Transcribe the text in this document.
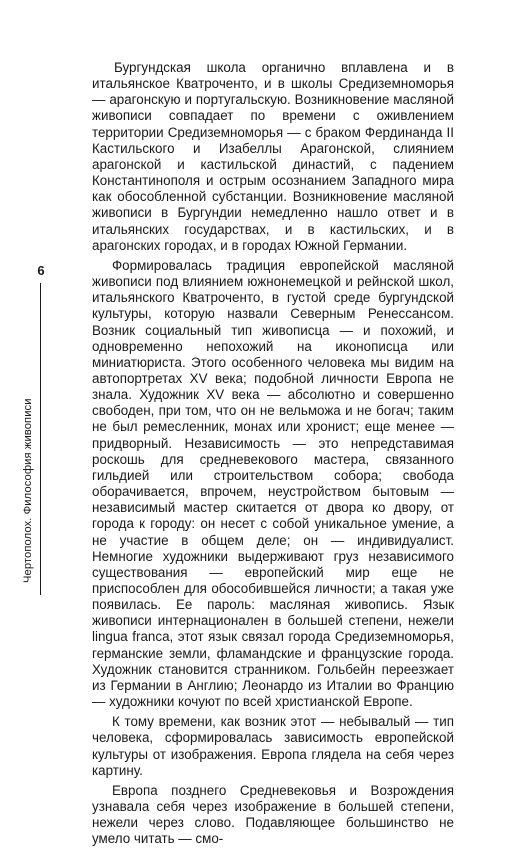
6
Чертополох. Философия живописи

Бургундская школа органично вплавлена и в итальянское Кватроченто, и в школы Средиземноморья — арагонскую и португальскую. Возникновение масляной живописи совпадает по времени с оживлением территории Средиземноморья — с браком Фердинанда II Кастильского и Изабеллы Арагонской, слиянием арагонской и кастильской династий, с падением Константинополя и острым осознанием Западного мира как обособленной субстанции. Возникновение масляной живописи в Бургундии немедленно нашло ответ и в итальянских государствах, и в кастильских, и в арагонских городах, и в городах Южной Германии.

Формировалась традиция европейской масляной живописи под влиянием южнонемецкой и рейнской школ, итальянского Кватроченто, в густой среде бургундской культуры, которую назвали Северным Ренессансом. Возник социальный тип живописца — и похожий, и одновременно непохожий на иконописца или миниатюриста. Этого особенного человека мы видим на автопортретах XV века; подобной личности Европа не знала. Художник XV века — абсолютно и совершенно свободен, при том, что он не вельможа и не богач; таким не был ремесленник, монах или хронист; еще менее — придворный. Независимость — это непредставимая роскошь для средневекового мастера, связанного гильдией или строительством собора; свобода оборачивается, впрочем, неустройством бытовым — независимый мастер скитается от двора ко двору, от города к городу: он несет с собой уникальное умение, а не участие в общем деле; он — индивидуалист. Немногие художники выдерживают груз независимого существования — европейский мир еще не приспособлен для обособившейся личности; а такая уже появилась. Ее пароль: масляная живопись. Язык живописи интернационален в большей степени, нежели lingua franca, этот язык связал города Средиземноморья, германские земли, фламандские и французские города. Художник становится странником. Гольбейн переезжает из Германии в Англию; Леонардо из Италии во Францию — художники кочуют по всей христианской Европе.

К тому времени, как возник этот — небывалый — тип человека, сформировалась зависимость европейской культуры от изображения. Европа глядела на себя через картину.

Европа позднего Средневековья и Возрождения узнавала себя через изображение в большей степени, нежели через слово. Подавляющее большинство не умело читать — смо-
